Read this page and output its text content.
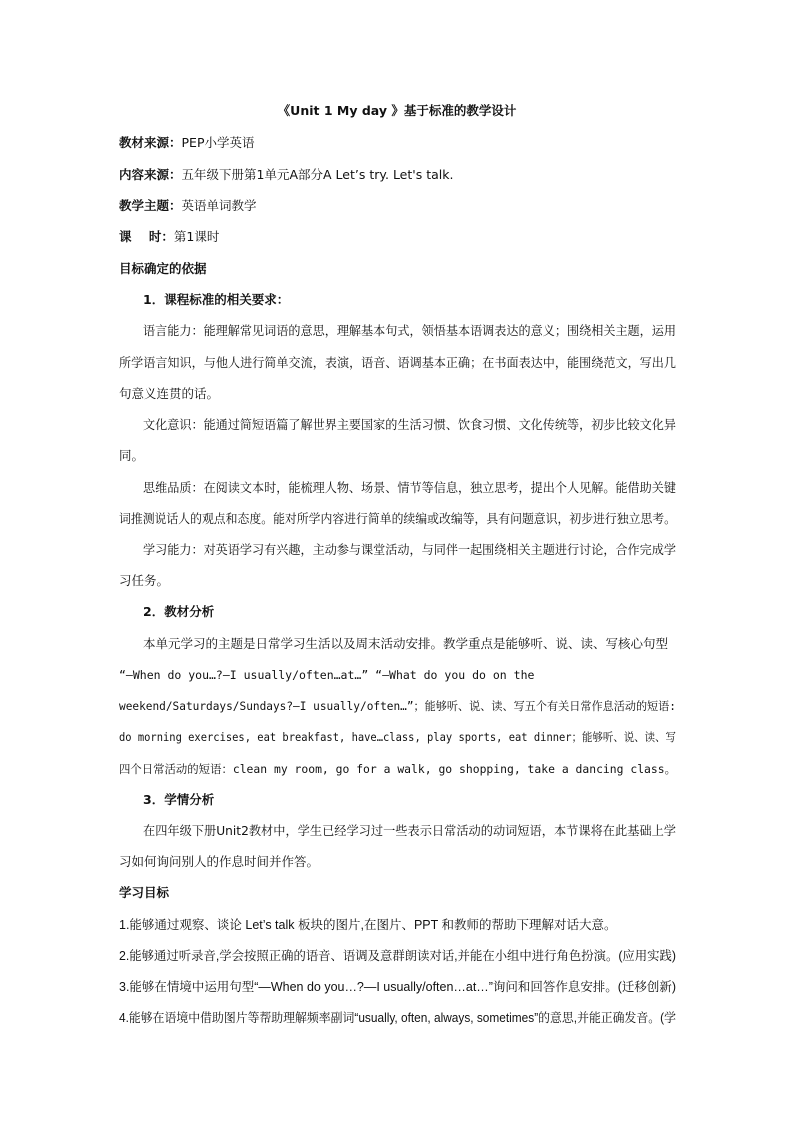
《Unit 1 My day 》基于标准的教学设计
教材来源：PEP小学英语
内容来源：五年级下册第1单元A部分A Let’s try. Let's talk.
教学主题：英语单词教学
课    时：第1课时
目标确定的依据
1．课程标准的相关要求：
语言能力：能理解常见词语的意思，理解基本句式，领悟基本语调表达的意义；围绕相关主题，运用
所学语言知识，与他人进行简单交流，表演，语音、语调基本正确；在书面表达中，能围绕范文，写出几
句意义连贯的话。
文化意识：能通过简短语篇了解世界主要国家的生活习惯、饮食习惯、文化传统等，初步比较文化异
同。
思维品质：在阅读文本时，能梳理人物、场景、情节等信息，独立思考，提出个人见解。能借助关键
词推测说话人的观点和态度。能对所学内容进行简单的续编或改编等，具有问题意识，初步进行独立思考。
学习能力：对英语学习有兴趣，主动参与课堂活动，与同伴一起围绕相关主题进行讨论，合作完成学
习任务。
2．教材分析
本单元学习的主题是日常学习生活以及周末活动安排。教学重点是能够听、说、读、写核心句型
“—When do you…?—I usually/often…at…” “—What do you do on the
weekend/Saturdays/Sundays?—I usually/often…”；能够听、说、读、写五个有关日常作息活动的短语:
do morning exercises, eat breakfast, have…class, play sports, eat dinner；能够听、说、读、写
四个日常活动的短语：clean my room, go for a walk, go shopping, take a dancing class。
3．学情分析
在四年级下册Unit2教材中，学生已经学习过一些表示日常活动的动词短语，本节课将在此基础上学
习如何询问别人的作息时间并作答。
学习目标
1.能够通过观察、谈论 Let’s talk 板块的图片,在图片、PPT 和教师的帮助下理解对话大意。
2.能够通过听录音,学会按照正确的语音、语调及意群朗读对话,并能在小组中进行角色扮演。(应用实践)
3.能够在情境中运用句型“—When do you…?—I usually/often…at…”询问和回答作息安排。(迁移创新)
4.能够在语境中借助图片等帮助理解频率副词“usually, often, always, sometimes”的意思,并能正确发音。(学
